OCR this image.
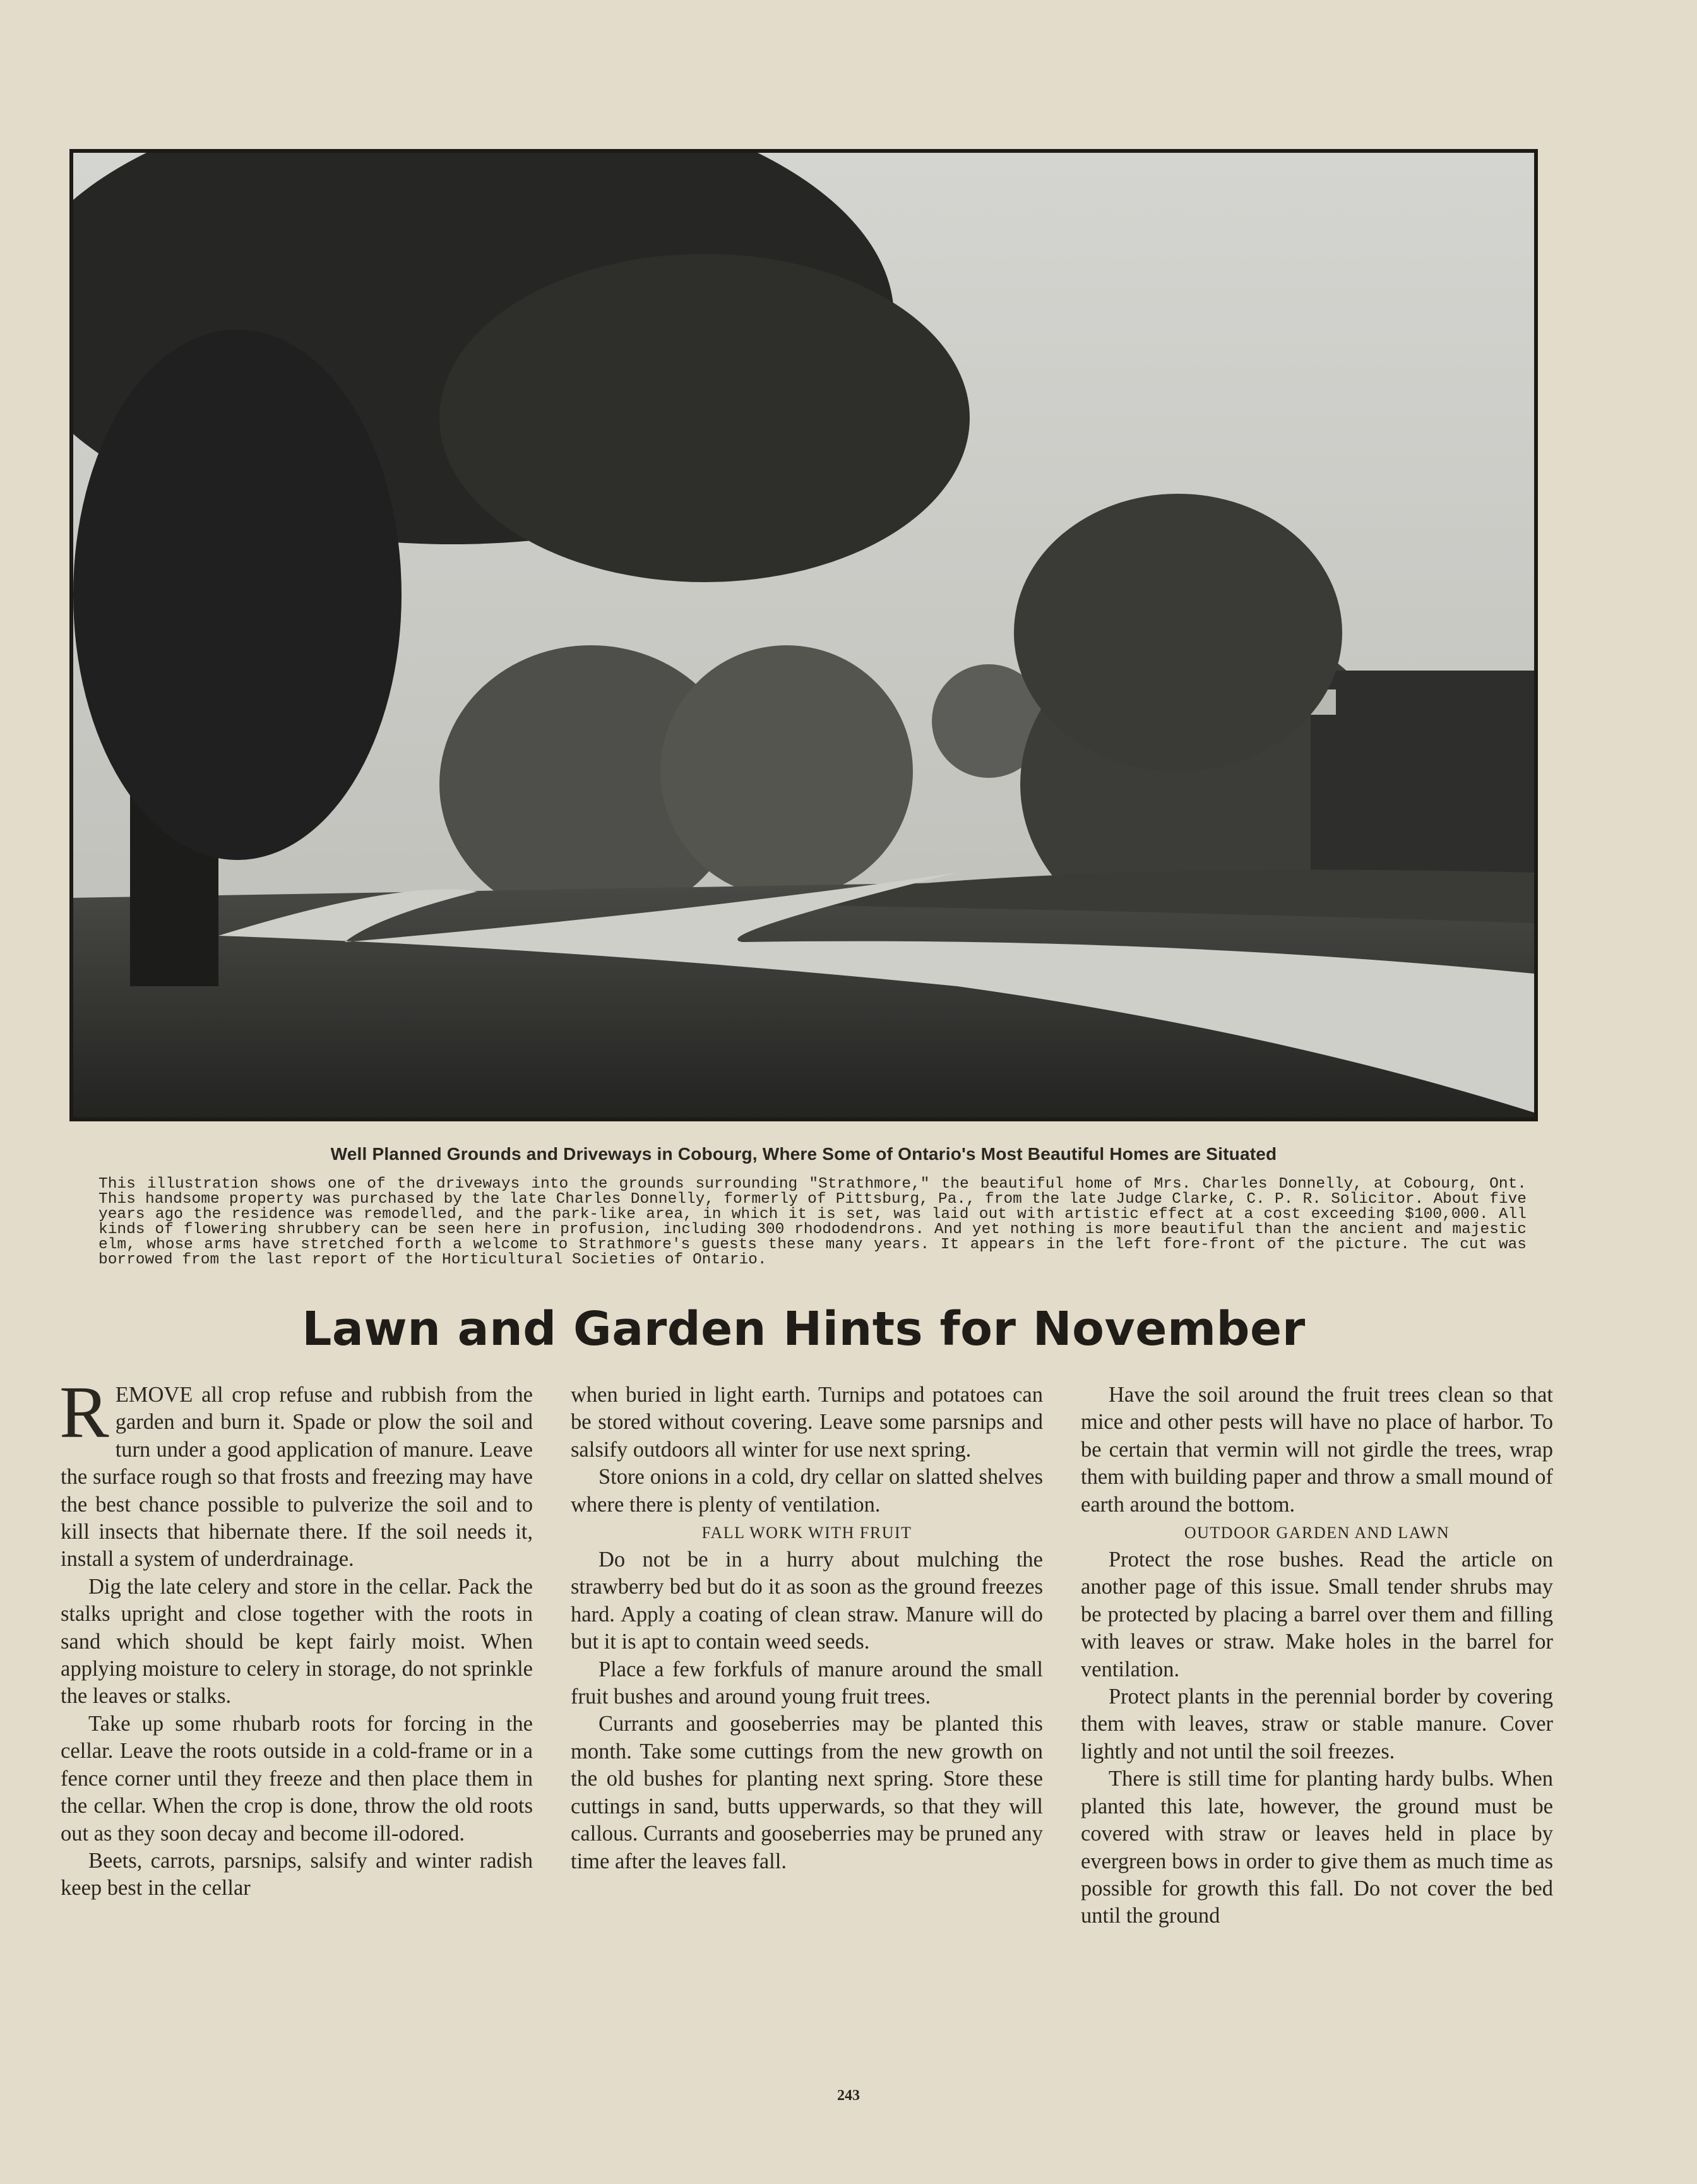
Well Planned Grounds and Driveways in Cobourg, Where Some of Ontario's Most Beautiful Homes are Situated
This illustration shows one of the driveways into the grounds surrounding "Strathmore," the beautiful home of Mrs. Charles Donnelly, at Cobourg, Ont. This handsome property was purchased by the late Charles Donnelly, formerly of Pittsburg, Pa., from the late Judge Clarke, C. P. R. Solicitor. About five years ago the residence was remodelled, and the park-like area, in which it is set, was laid out with artistic effect at a cost exceeding $100,000. All kinds of flowering shrubbery can be seen here in profusion, including 300 rhododendrons. And yet nothing is more beautiful than the ancient and majestic elm, whose arms have stretched forth a welcome to Strathmore's guests these many years. It appears in the left fore-front of the picture. The cut was borrowed from the last report of the Horticultural Societies of Ontario.
Lawn and Garden Hints for November

REMOVE all crop refuse and rubbish from the garden and burn it. Spade or plow the soil and turn under a good application of manure. Leave the surface rough so that frosts and freezing may have the best chance possible to pulverize the soil and to kill insects that hibernate there. If the soil needs it, install a system of underdrainage.

Dig the late celery and store in the cellar. Pack the stalks upright and close together with the roots in sand which should be kept fairly moist. When applying moisture to celery in storage, do not sprinkle the leaves or stalks.

Take up some rhubarb roots for forcing in the cellar. Leave the roots outside in a cold-frame or in a fence corner until they freeze and then place them in the cellar. When the crop is done, throw the old roots out as they soon decay and become ill-odored.

Beets, carrots, parsnips, salsify and winter radish keep best in the cellar

when buried in light earth. Turnips and potatoes can be stored without covering. Leave some parsnips and salsify outdoors all winter for use next spring.

Store onions in a cold, dry cellar on slatted shelves where there is plenty of ventilation.

FALL WORK WITH FRUIT

Do not be in a hurry about mulching the strawberry bed but do it as soon as the ground freezes hard. Apply a coating of clean straw. Manure will do but it is apt to contain weed seeds.

Place a few forkfuls of manure around the small fruit bushes and around young fruit trees.

Currants and gooseberries may be planted this month. Take some cuttings from the new growth on the old bushes for planting next spring. Store these cuttings in sand, butts upperwards, so that they will callous. Currants and gooseberries may be pruned any time after the leaves fall.

Have the soil around the fruit trees clean so that mice and other pests will have no place of harbor. To be certain that vermin will not girdle the trees, wrap them with building paper and throw a small mound of earth around the bottom.

OUTDOOR GARDEN AND LAWN

Protect the rose bushes. Read the article on another page of this issue. Small tender shrubs may be protected by placing a barrel over them and filling with leaves or straw. Make holes in the barrel for ventilation.

Protect plants in the perennial border by covering them with leaves, straw or stable manure. Cover lightly and not until the soil freezes.

There is still time for planting hardy bulbs. When planted this late, however, the ground must be covered with straw or leaves held in place by evergreen bows in order to give them as much time as possible for growth this fall. Do not cover the bed until the ground

243
